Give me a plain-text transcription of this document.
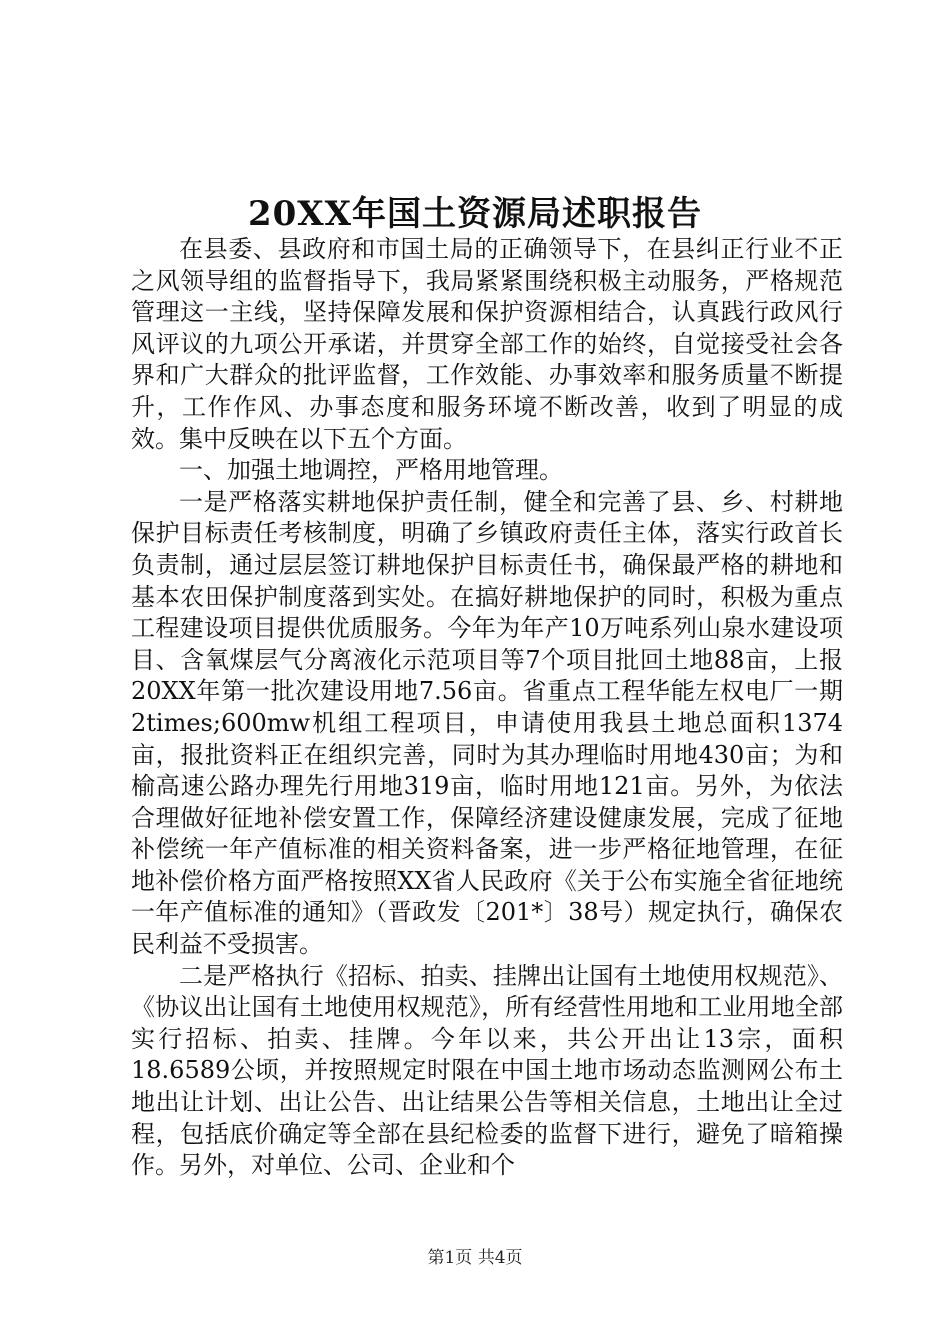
20XX年国土资源局述职报告

在县委、县政府和市国土局的正确领导下，在县纠正行业不正之风领导组的监督指导下，我局紧紧围绕积极主动服务，严格规范管理这一主线，坚持保障发展和保护资源相结合，认真践行政风行风评议的九项公开承诺，并贯穿全部工作的始终，自觉接受社会各界和广大群众的批评监督，工作效能、办事效率和服务质量不断提升，工作作风、办事态度和服务环境不断改善，收到了明显的成效。集中反映在以下五个方面。

一、加强土地调控，严格用地管理。

一是严格落实耕地保护责任制，健全和完善了县、乡、村耕地保护目标责任考核制度，明确了乡镇政府责任主体，落实行政首长负责制，通过层层签订耕地保护目标责任书，确保最严格的耕地和基本农田保护制度落到实处。在搞好耕地保护的同时，积极为重点工程建设项目提供优质服务。今年为年产10万吨系列山泉水建设项目、含氧煤层气分离液化示范项目等7个项目批回土地88亩，上报20XX年第一批次建设用地7.56亩。省重点工程华能左权电厂一期2times;600mw机组工程项目，申请使用我县土地总面积1374亩，报批资料正在组织完善，同时为其办理临时用地430亩；为和榆高速公路办理先行用地319亩，临时用地121亩。另外，为依法合理做好征地补偿安置工作，保障经济建设健康发展，完成了征地补偿统一年产值标准的相关资料备案，进一步严格征地管理，在征地补偿价格方面严格按照XX省人民政府《关于公布实施全省征地统一年产值标准的通知》（晋政发〔201*〕38号）规定执行，确保农民利益不受损害。

二是严格执行《招标、拍卖、挂牌出让国有土地使用权规范》、《协议出让国有土地使用权规范》，所有经营性用地和工业用地全部实行招标、拍卖、挂牌。今年以来，共公开出让13宗，面积18.6589公顷，并按照规定时限在中国土地市场动态监测网公布土地出让计划、出让公告、出让结果公告等相关信息，土地出让全过程，包括底价确定等全部在县纪检委的监督下进行，避免了暗箱操作。另外，对单位、公司、企业和个

第1页 共4页
